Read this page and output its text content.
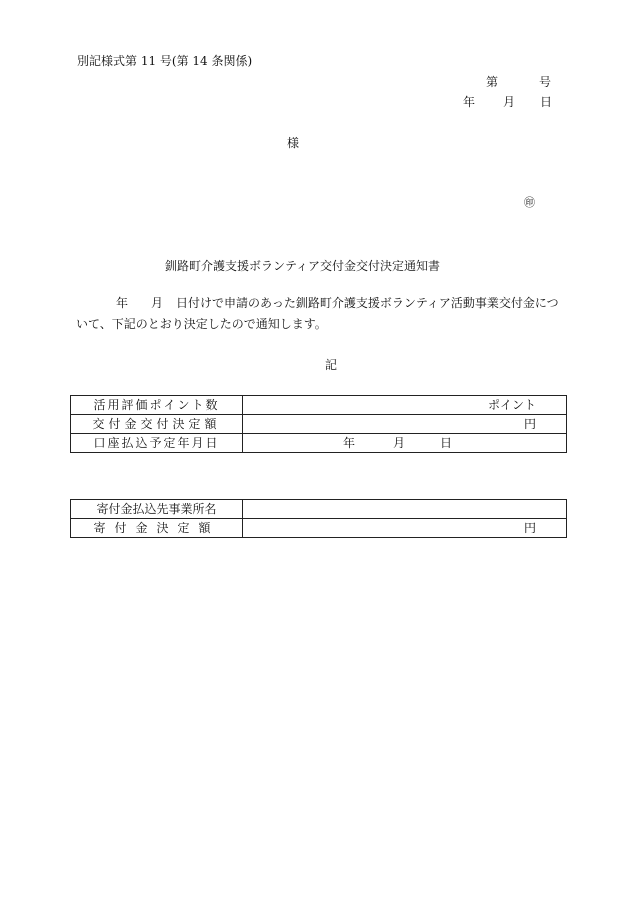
別記様式第 11 号(第 14 条関係)
第	号
年 月 日
様
㊞
釧路町介護支援ボランティア交付金交付決定通知書
年 月 日付けで申請のあった釧路町介護支援ボランティア活動事業交付金につ
いて、下記のとおり決定したので通知します。
記
活用評価ポイント数	ポイント
交付金交付決定額	円
口座払込予定年月日	年 月 日
寄付金払込先事業所名	
寄付金決定額	円
